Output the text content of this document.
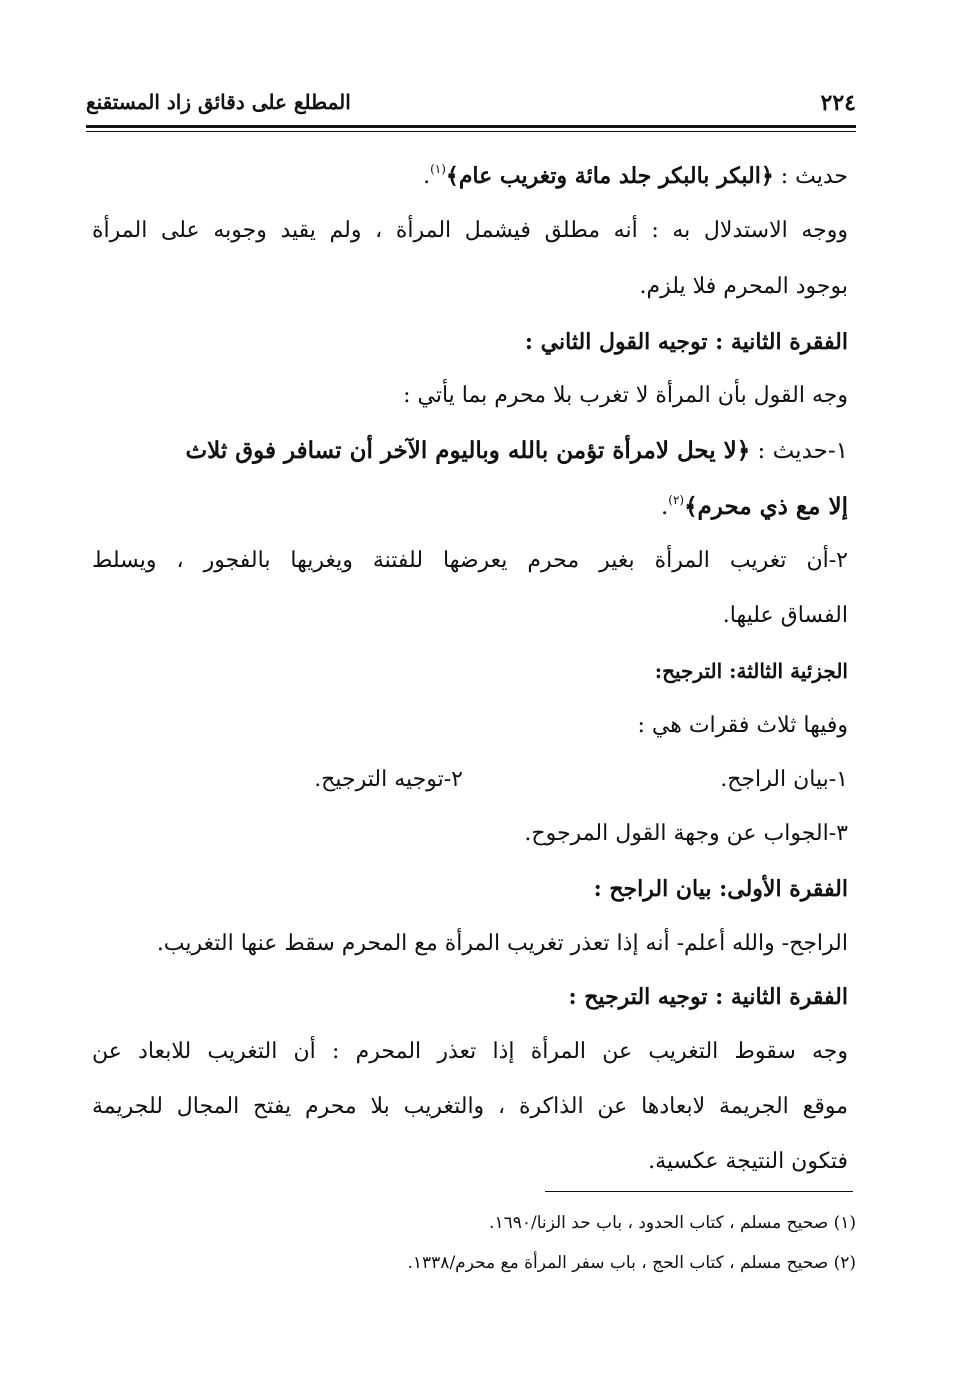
٢٢٤
المطلع على دقائق زاد المستقنع
حديث : ﴿البكر بالبكر جلد مائة وتغريب عام﴾$^{(١)}$.
ووجه الاستدلال به : أنه مطلق فيشمل المرأة ، ولم يقيد وجوبه على المرأة
بوجود المحرم فلا يلزم.
الفقرة الثانية : توجيه القول الثاني :
وجه القول بأن المرأة لا تغرب بلا محرم بما يأتي :
١-حديث : ﴿لا يحل لامرأة تؤمن بالله وباليوم الآخر أن تسافر فوق ثلاث
إلا مع ذي محرم﴾$^{(٢)}$.
٢-أن تغريب المرأة بغير محرم يعرضها للفتنة ويغريها بالفجور ، ويسلط
الفساق عليها.
الجزئية الثالثة: الترجيح:
وفيها ثلاث فقرات هي :
١-بيان الراجح.
٢-توجيه الترجيح.
٣-الجواب عن وجهة القول المرجوح.
الفقرة الأولى: بيان الراجح :
الراجح- والله أعلم- أنه إذا تعذر تغريب المرأة مع المحرم سقط عنها التغريب.
الفقرة الثانية : توجيه الترجيح :
وجه سقوط التغريب عن المرأة إذا تعذر المحرم : أن التغريب للابعاد عن
موقع الجريمة لابعادها عن الذاكرة ، والتغريب بلا محرم يفتح المجال للجريمة
فتكون النتيجة عكسية.
(١) صحيح مسلم ، كتاب الحدود ، باب حد الزنا/١٦٩٠.
(٢) صحيح مسلم ، كتاب الحج ، باب سفر المرأة مع محرم/١٣٣٨.
